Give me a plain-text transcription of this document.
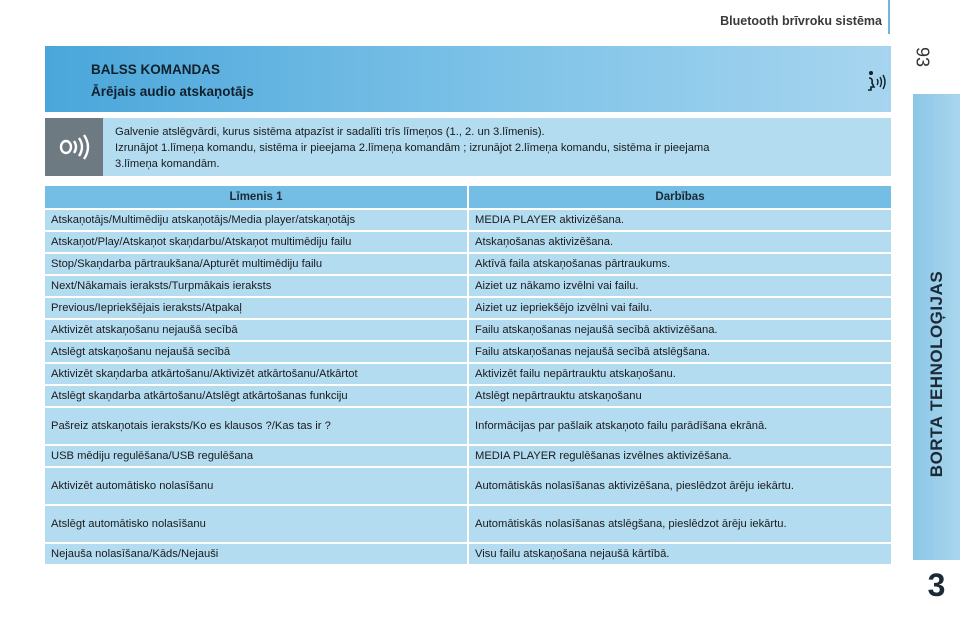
Bluetooth brīvroku sistēma
93
BORTA TEHNOLOĢIJAS
3
BALSS KOMANDAS
Ārējais audio atskaņotājs
Galvenie atslēgvārdi, kurus sistēma atpazīst ir sadalīti trīs līmeņos (1., 2. un 3.līmenis).
Izrunājot 1.līmeņa komandu, sistēma ir pieejama 2.līmeņa komandām ; izrunājot 2.līmeņa komandu, sistēma ir pieejama
3.līmeņa komandām.
Līmenis 1	Darbības
Atskaņotājs/Multimēdiju atskaņotājs/Media player/atskaņotājs	MEDIA PLAYER aktivizēšana.
Atskaņot/Play/Atskaņot skaņdarbu/Atskaņot multimēdiju failu	Atskaņošanas aktivizēšana.
Stop/Skaņdarba pārtraukšana/Apturēt multimēdiju failu	Aktīvā faila atskaņošanas pārtraukums.
Next/Nākamais ieraksts/Turpmākais ieraksts	Aiziet uz nākamo izvēlni vai failu.
Previous/Iepriekšējais ieraksts/Atpakaļ	Aiziet uz iepriekšējo izvēlni vai failu.
Aktivizēt atskaņošanu nejaušā secībā	Failu atskaņošanas nejaušā secībā aktivizēšana.
Atslēgt atskaņošanu nejaušā secībā	Failu atskaņošanas nejaušā secībā atslēgšana.
Aktivizēt skaņdarba atkārtošanu/Aktivizēt atkārtošanu/Atkārtot	Aktivizēt failu nepārtrauktu atskaņošanu.
Atslēgt skaņdarba atkārtošanu/Atslēgt atkārtošanas funkciju	Atslēgt nepārtrauktu atskaņošanu
Pašreiz atskaņotais ieraksts/Ko es klausos ?/Kas tas ir ?	Informācijas par pašlaik atskaņoto failu parādīšana ekrānā.
USB mēdiju regulēšana/USB regulēšana	MEDIA PLAYER regulēšanas izvēlnes aktivizēšana.
Aktivizēt automātisko nolasīšanu	Automātiskās nolasīšanas aktivizēšana, pieslēdzot ārēju iekārtu.
Atslēgt automātisko nolasīšanu	Automātiskās nolasīšanas atslēgšana, pieslēdzot ārēju iekārtu.
Nejauša nolasīšana/Kāds/Nejauši	Visu failu atskaņošana nejaušā kārtībā.
